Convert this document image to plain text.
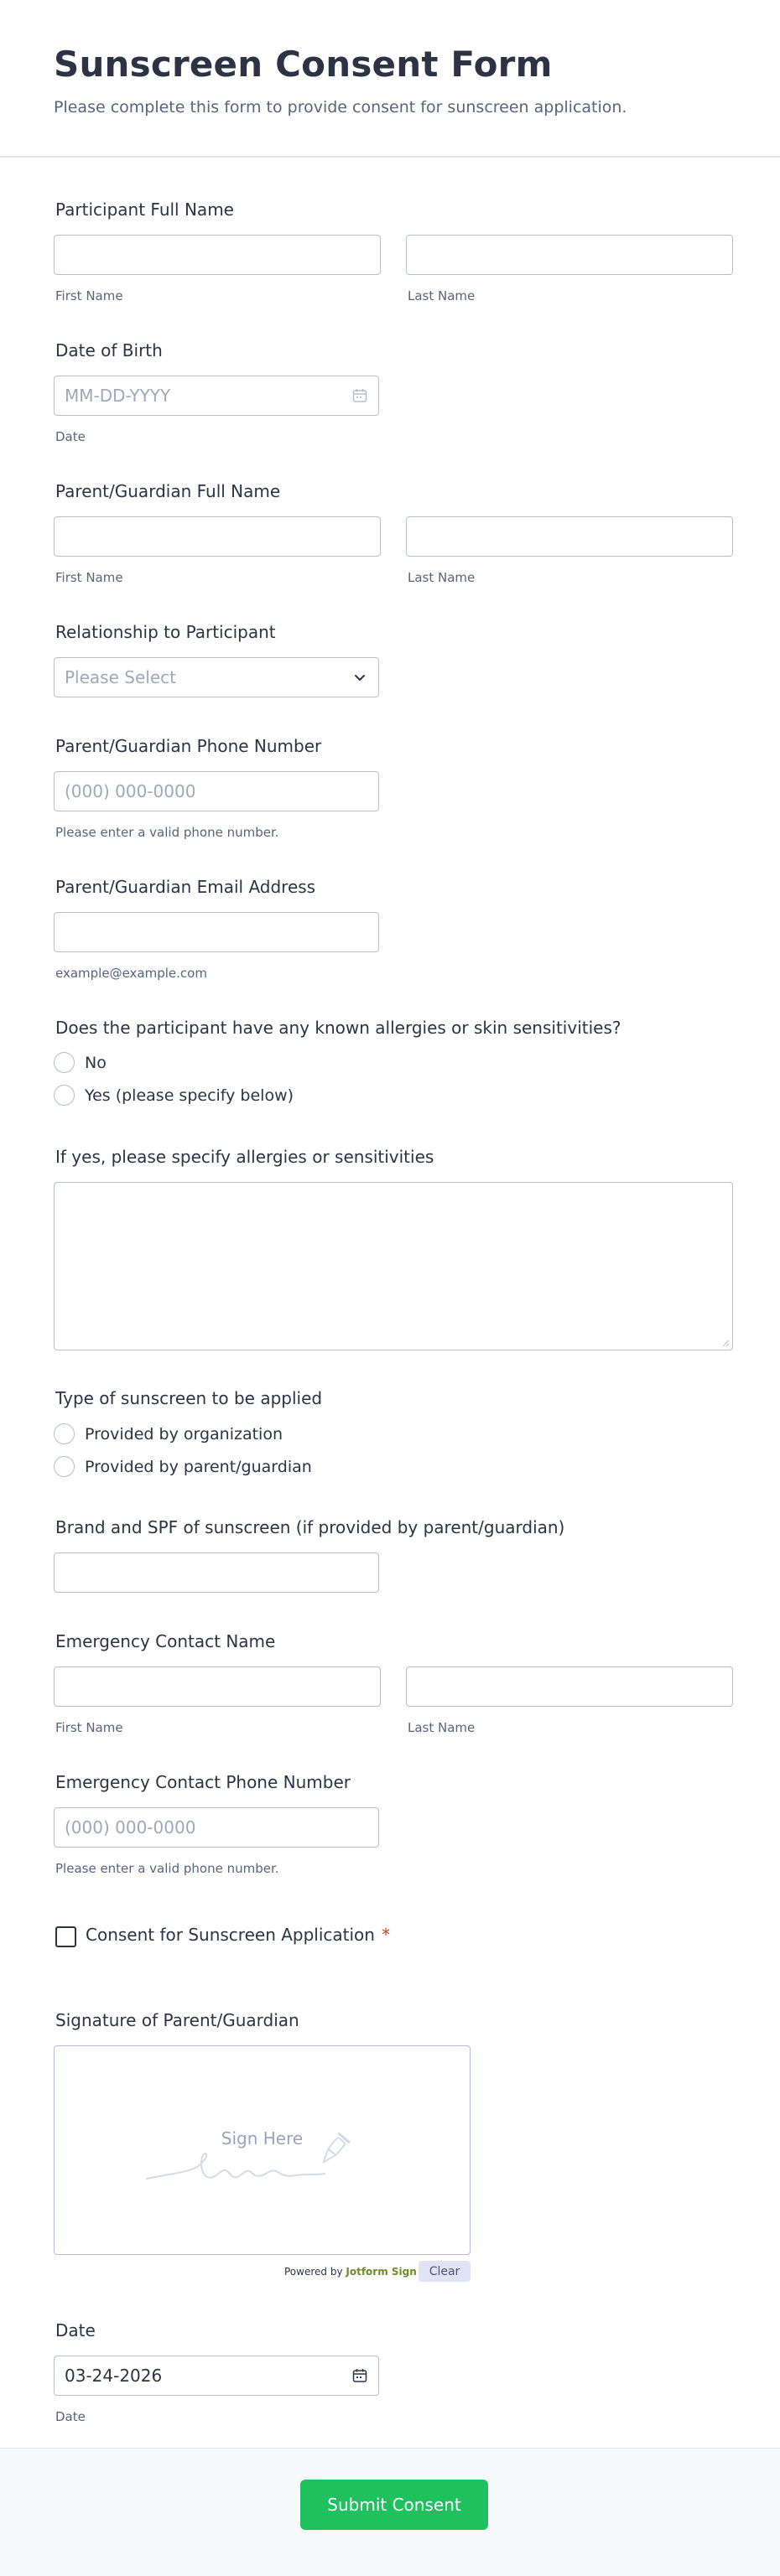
Sunscreen Consent Form
Please complete this form to provide consent for sunscreen application.
Participant Full Name
First Name	Last Name
Date of Birth
MM-DD-YYYY
Date
Parent/Guardian Full Name
First Name	Last Name
Relationship to Participant
Please Select
Parent/Guardian Phone Number
(000) 000-0000
Please enter a valid phone number.
Parent/Guardian Email Address
example@example.com
Does the participant have any known allergies or skin sensitivities?
No
Yes (please specify below)
If yes, please specify allergies or sensitivities
Type of sunscreen to be applied
Provided by organization
Provided by parent/guardian
Brand and SPF of sunscreen (if provided by parent/guardian)
Emergency Contact Name
First Name	Last Name
Emergency Contact Phone Number
(000) 000-0000
Please enter a valid phone number.
Consent for Sunscreen Application *
Signature of Parent/Guardian
Sign Here
Powered by Jotform Sign	Clear
Date
03-24-2026
Date
Submit Consent
